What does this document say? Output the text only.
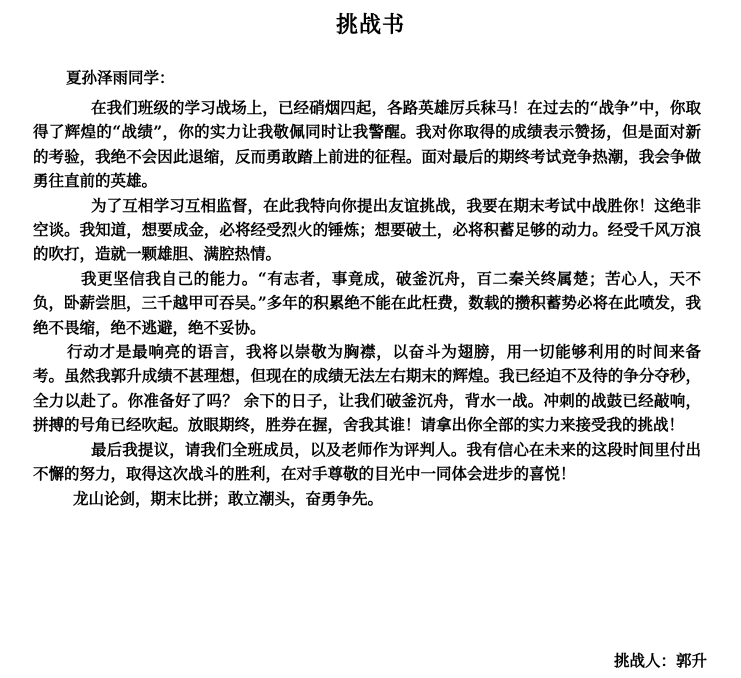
挑战书
夏孙泽雨同学：

在我们班级的学习战场上，已经硝烟四起，各路英雄厉兵秣马！在过去的“战争”中，你取得了辉煌的“战绩”，你的实力让我敬佩同时让我警醒。我对你取得的成绩表示赞扬，但是面对新的考验，我绝不会因此退缩，反而勇敢踏上前进的征程。面对最后的期终考试竞争热潮，我会争做勇往直前的英雄。

为了互相学习互相监督，在此我特向你提出友谊挑战，我要在期末考试中战胜你！这绝非空谈。我知道，想要成金，必将经受烈火的锤炼；想要破土，必将积蓄足够的动力。经受千风万浪的吹打，造就一颗雄胆、满腔热情。

我更坚信我自己的能力。“有志者，事竟成，破釜沉舟，百二秦关终属楚；苦心人，天不负，卧薪尝胆，三千越甲可吞吴。”多年的积累绝不能在此枉费，数载的攒积蓄势必将在此喷发，我绝不畏缩，绝不逃避，绝不妥协。

行动才是最响亮的语言，我将以崇敬为胸襟，以奋斗为翅膀，用一切能够利用的时间来备考。虽然我郭升成绩不甚理想，但现在的成绩无法左右期末的辉煌。我已经迫不及待的争分夺秒，全力以赴了。你准备好了吗？ 余下的日子，让我们破釜沉舟，背水一战。冲刺的战鼓已经敲响，拼搏的号角已经吹起。放眼期终，胜券在握，舍我其谁！请拿出你全部的实力来接受我的挑战！

最后我提议，请我们全班成员，以及老师作为评判人。我有信心在未来的这段时间里付出不懈的努力，取得这次战斗的胜利，在对手尊敬的目光中一同体会进步的喜悦！

龙山论剑，期末比拼；敢立潮头，奋勇争先。

挑战人：郭升
